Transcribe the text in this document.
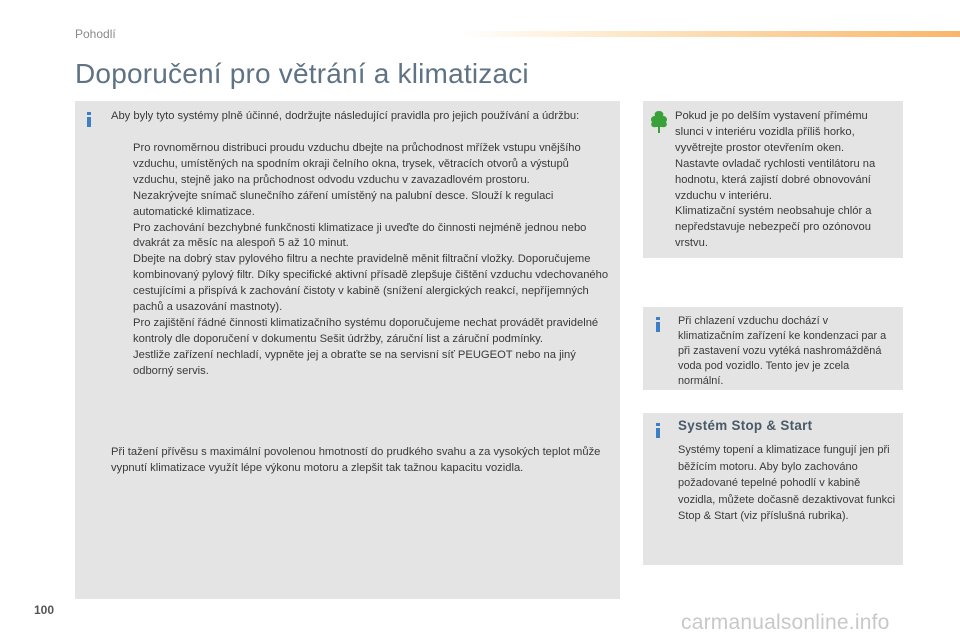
Pohodlí
Doporučení pro větrání a klimatizaci
Aby byly tyto systémy plně účinné, dodržujte následující pravidla pro jejich používání a údržbu:
Pro rovnoměrnou distribuci proudu vzduchu dbejte na průchodnost mřížek vstupu vnějšího vzduchu, umístěných na spodním okraji čelního okna, trysek, větracích otvorů a výstupů vzduchu, stejně jako na průchodnost odvodu vzduchu v zavazadlovém prostoru.
Nezakrývejte snímač slunečního záření umístěný na palubní desce. Slouží k regulaci automatické klimatizace.
Pro zachování bezchybné funkčnosti klimatizace ji uveďte do činnosti nejméně jednou nebo dvakrát za měsíc na alespoň 5 až 10 minut.
Dbejte na dobrý stav pylového filtru a nechte pravidelně měnit filtrační vložky. Doporučujeme kombinovaný pylový filtr. Díky specifické aktivní přísadě zlepšuje čištění vzduchu vdechovaného cestujícími a přispívá k zachování čistoty v kabině (snížení alergických reakcí, nepříjemných pachů a usazování mastnoty).
Pro zajištění řádné činnosti klimatizačního systému doporučujeme nechat provádět pravidelné kontroly dle doporučení v dokumentu Sešit údržby, záruční list a záruční podmínky.
Jestliže zařízení nechladí, vypněte jej a obraťte se na servisní síť PEUGEOT nebo na jiný odborný servis.
Při tažení přívěsu s maximální povolenou hmotností do prudkého svahu a za vysokých teplot může vypnutí klimatizace využít lépe výkonu motoru a zlepšit tak tažnou kapacitu vozidla.

Pokud je po delším vystavení přímému slunci v interiéru vozidla příliš horko, vyvětrejte prostor otevřením oken.

Nastavte ovladač rychlosti ventilátoru na hodnotu, která zajistí dobré obnovování vzduchu v interiéru.

Klimatizační systém neobsahuje chlór a nepředstavuje nebezpečí pro ozónovou vrstvu.

Při chlazení vzduchu dochází v klimatizačním zařízení ke kondenzaci par a při zastavení vozu vytéká nashromážděná voda pod vozidlo. Tento jev je zcela normální.
Systém Stop & Start
Systémy topení a klimatizace fungují jen při běžícím motoru. Aby bylo zachováno požadované tepelné pohodlí v kabině vozidla, můžete dočasně dezaktivovat funkci Stop & Start (viz příslušná rubrika).
100
carmanualsonline.info
